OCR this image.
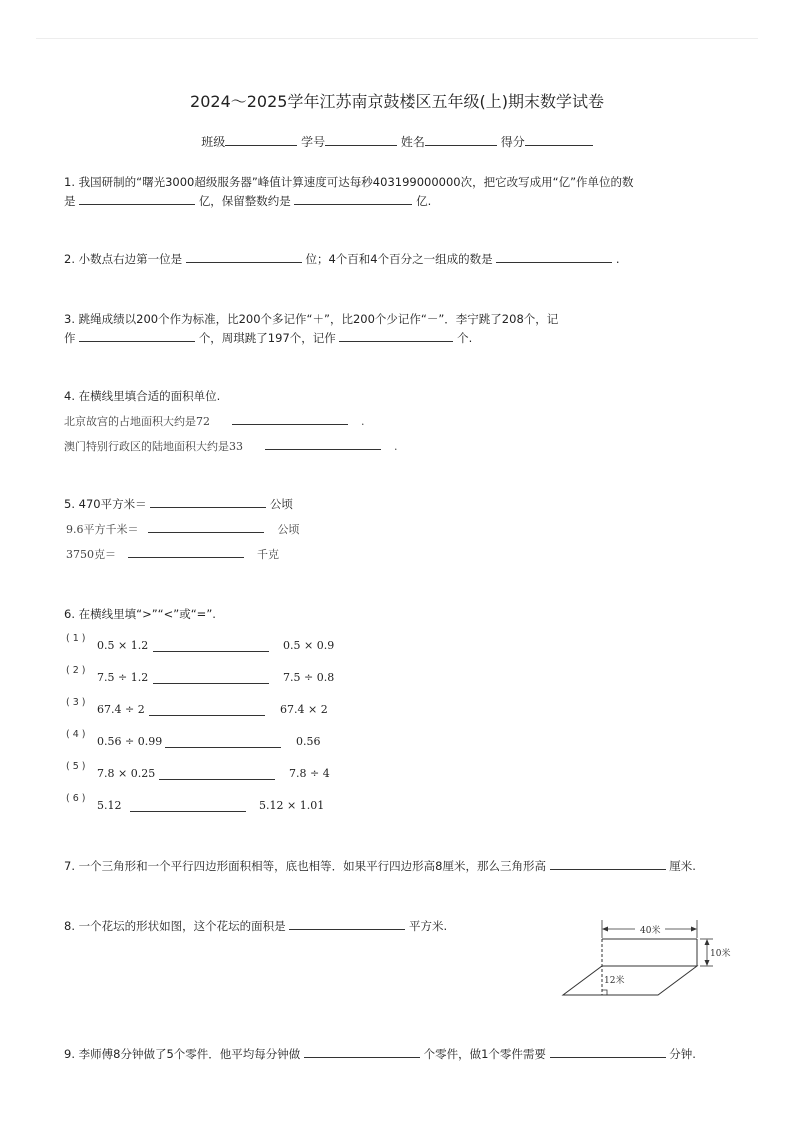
2024～2025学年江苏南京鼓楼区五年级(上)期末数学试卷
班级	学号	姓名	得分
1. 我国研制的“曙光3000超级服务器”峰值计算速度可达每秒403199000000次，把它改写成用“亿”作单位的数
是	亿，保留整数约是	亿.
2. 小数点右边第一位是	位；4个百和4个百分之一组成的数是	.
3. 跳绳成绩以200个作为标准，比200个多记作“＋”，比200个少记作“－”．李宁跳了208个，记
作	个，周琪跳了197个，记作	个.
4. 在横线里填合适的面积单位.
北京故宫的占地面积大约是72	.
澳门特别行政区的陆地面积大约是33	.
5. 470平方米＝	公顷
9.6平方千米＝	公顷
3750克＝	千克
6. 在横线里填“>”“<”或“=”.
( 1 )
0.5 × 1.2	0.5 × 0.9
( 2 )
7.5 ÷ 1.2	7.5 ÷ 0.8
( 3 )
67.4 ÷ 2	67.4 × 2
( 4 )
0.56 ÷ 0.99	0.56
( 5 )
7.8 × 0.25	7.8 ÷ 4
( 6 )
5.12	5.12 × 1.01
7. 一个三角形和一个平行四边形面积相等，底也相等．如果平行四边形高8厘米，那么三角形高	厘米.
8. 一个花坛的形状如图，这个花坛的面积是	平方米.	40米
10米
12米
9. 李师傅8分钟做了5个零件．他平均每分钟做	个零件，做1个零件需要	分钟.
